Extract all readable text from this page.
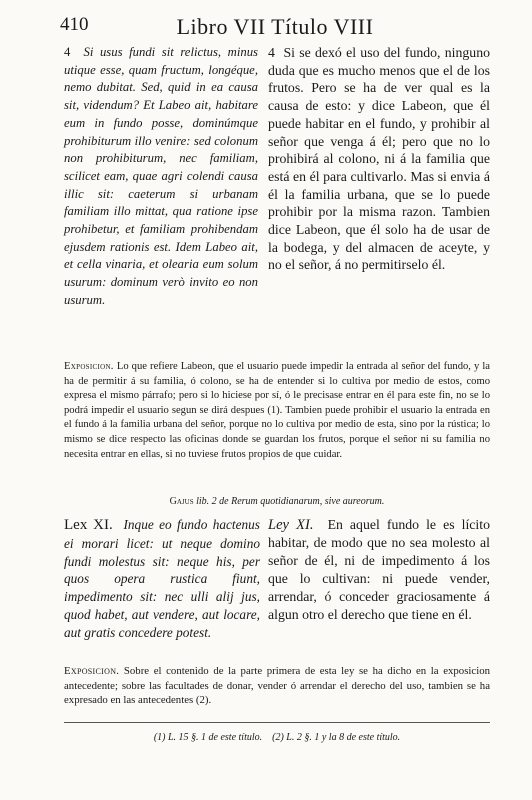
410	Libro VII Título VIII

4 Si usus fundi sit relictus, minus utique esse, quam fructum, longéque, nemo dubitat. Sed, quid in ea causa sit, videndum? Et Labeo ait, habitare eum in fundo posse, dominúmque prohibiturum illo venire: sed colonum non prohibiturum, nec familiam, scilicet eam, quae agri colendi causa illic sit: caeterum si urbanam familiam illo mittat, qua ratione ipse prohibetur, et familiam prohibendam ejusdem rationis est. Idem Labeo ait, et cella vinaria, et olearia eum solum usurum: dominum verò invito eo non usurum.

4 Si se dexó el uso del fundo, ninguno duda que es mucho menos que el de los frutos. Pero se ha de ver qual es la causa de esto: y dice Labeon, que él puede habitar en el fundo, y prohibir al señor que venga á él; pero que no lo prohibirá al colono, ni á la familia que está en él para cultivarlo. Mas si envia á él la familia urbana, que se lo puede prohibir por la misma razon. Tambien dice Labeon, que él solo ha de usar de la bodega, y del almacen de aceyte, y no el señor, á no permitirselo él.

Exposicion. Lo que refiere Labeon, que el usuario puede impedir la entrada al señor del fundo, y la ha de permitir á su familia, ó colono, se ha de entender si lo cultiva por medio de estos, como expresa el mismo párrafo; pero si lo hiciese por sí, ó le precisase entrar en él para este fin, no se lo podrá impedir el usuario segun se dirá despues (1). Tambien puede prohibir el usuario la entrada en el fundo á la familia urbana del señor, porque no lo cultiva por medio de esta, sino por la rústica; lo mismo se dice respecto las oficinas donde se guardan los frutos, porque el señor ni su familia no necesita entrar en ellas, si no tuviese frutos propios de que cuidar.
Gajus lib. 2 de Rerum quotidianarum, sive aureorum.

Lex XI. Inque eo fundo hactenus ei morari licet: ut neque domino fundi molestus sit: neque his, per quos opera rustica fiunt, impedimento sit: nec ulli alij jus, quod habet, aut vendere, aut locare, aut gratis concedere potest.

Ley XI. En aquel fundo le es lícito habitar, de modo que no sea molesto al señor de él, ni de impedimento á los que lo cultivan: ni puede vender, arrendar, ó conceder graciosamente á algun otro el derecho que tiene en él.

Exposicion. Sobre el contenido de la parte primera de esta ley se ha dicho en la exposicion antecedente; sobre las facultades de donar, vender ó arrendar el derecho del uso, tambien se ha expresado en las antecedentes (2).
(1) L. 15 §. 1 de este título. (2) L. 2 §. 1 y la 8 de este título.
